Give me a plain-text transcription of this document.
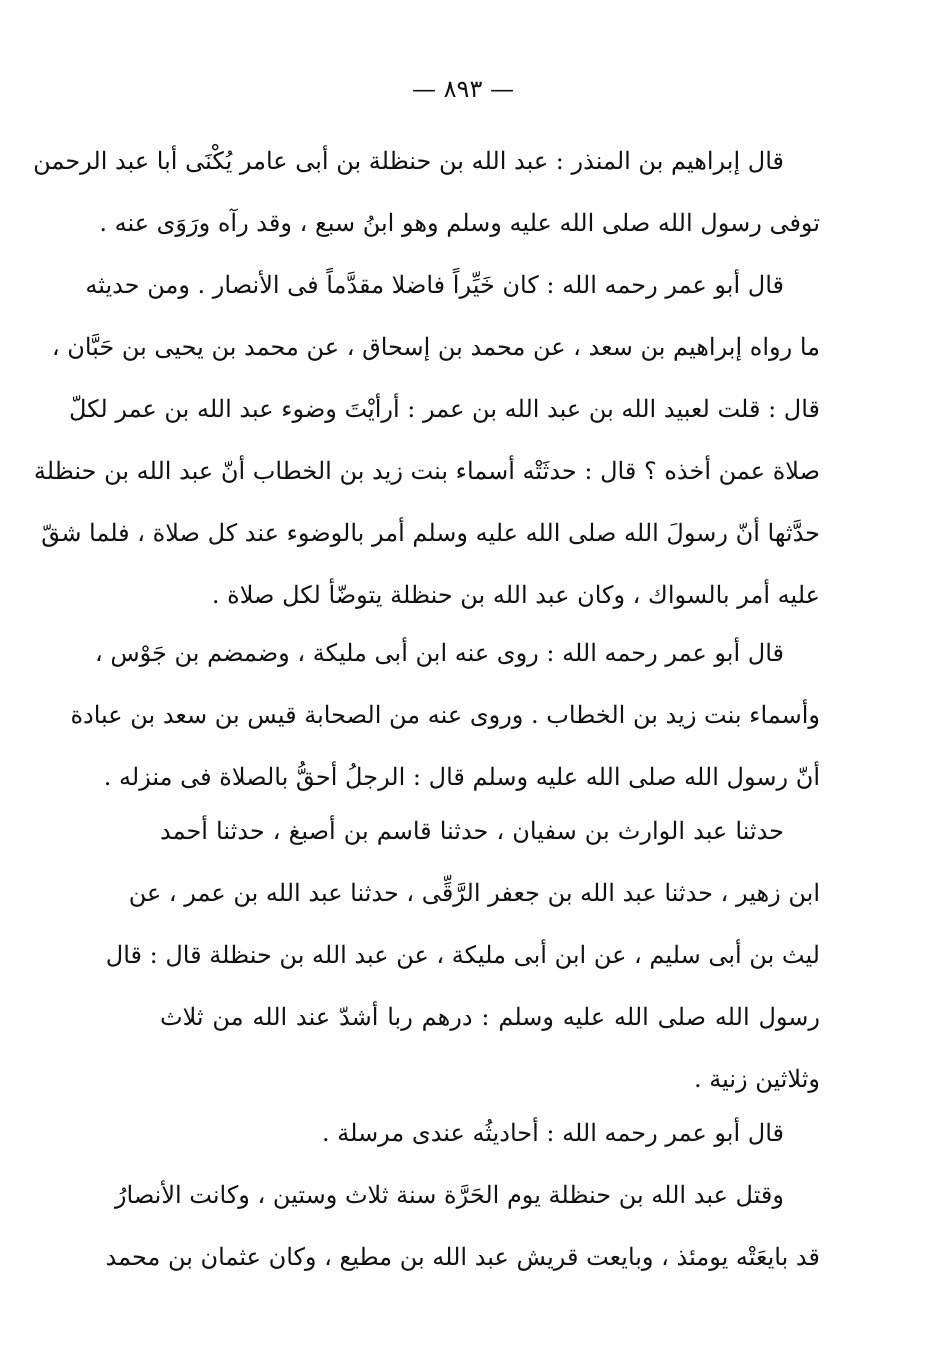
— ٨٩٣ —

قال إبراهيم بن المنذر : عبد الله بن حنظلة بن أبى عامر يُكْنَى أبا عبد الرحمن
توفى رسول الله صلى الله عليه وسلم وهو ابنُ سبع ، وقد رآه ورَوَى عنه .

قال أبو عمر رحمه الله : كان خَيِّراً فاضلا مقدَّماً فى الأنصار . ومن حديثه
ما رواه إبراهيم بن سعد ، عن محمد بن إسحاق ، عن محمد بن يحيى بن حَبَّان ،
قال : قلت لعبيد الله بن عبد الله بن عمر : أرأيْتَ وضوء عبد الله بن عمر لكلّ
صلاة عمن أخذه ؟ قال : حدثَتْه أسماء بنت زيد بن الخطاب أنّ عبد الله بن حنظلة
حدَّثها أنّ رسولَ الله صلى الله عليه وسلم أمر بالوضوء عند كل صلاة ، فلما شقّ
عليه أمر بالسواك ، وكان عبد الله بن حنظلة يتوضّأ لكل صلاة .

قال أبو عمر رحمه الله : روى عنه ابن أبى مليكة ، وضمضم بن جَوْس ،
وأسماء بنت زيد بن الخطاب . وروى عنه من الصحابة قيس بن سعد بن عبادة
أنّ رسول الله صلى الله عليه وسلم قال : الرجلُ أحقُّ بالصلاة فى منزله .

حدثنا عبد الوارث بن سفيان ، حدثنا قاسم بن أصبغ ، حدثنا أحمد
ابن زهير ، حدثنا عبد الله بن جعفر الرَّقِّى ، حدثنا عبد الله بن عمر ، عن
ليث بن أبى سليم ، عن ابن أبى مليكة ، عن عبد الله بن حنظلة قال : قال
رسول الله صلى الله عليه وسلم : درهم ربا أشدّ عند الله من ثلاث
وثلاثين زنية .

قال أبو عمر رحمه الله : أحاديثُه عندى مرسلة .

وقتل عبد الله بن حنظلة يوم الحَرَّة سنة ثلاث وستين ، وكانت الأنصارُ
قد بايعَتْه يومئذ ، وبايعت قريش عبد الله بن مطيع ، وكان عثمان بن محمد
